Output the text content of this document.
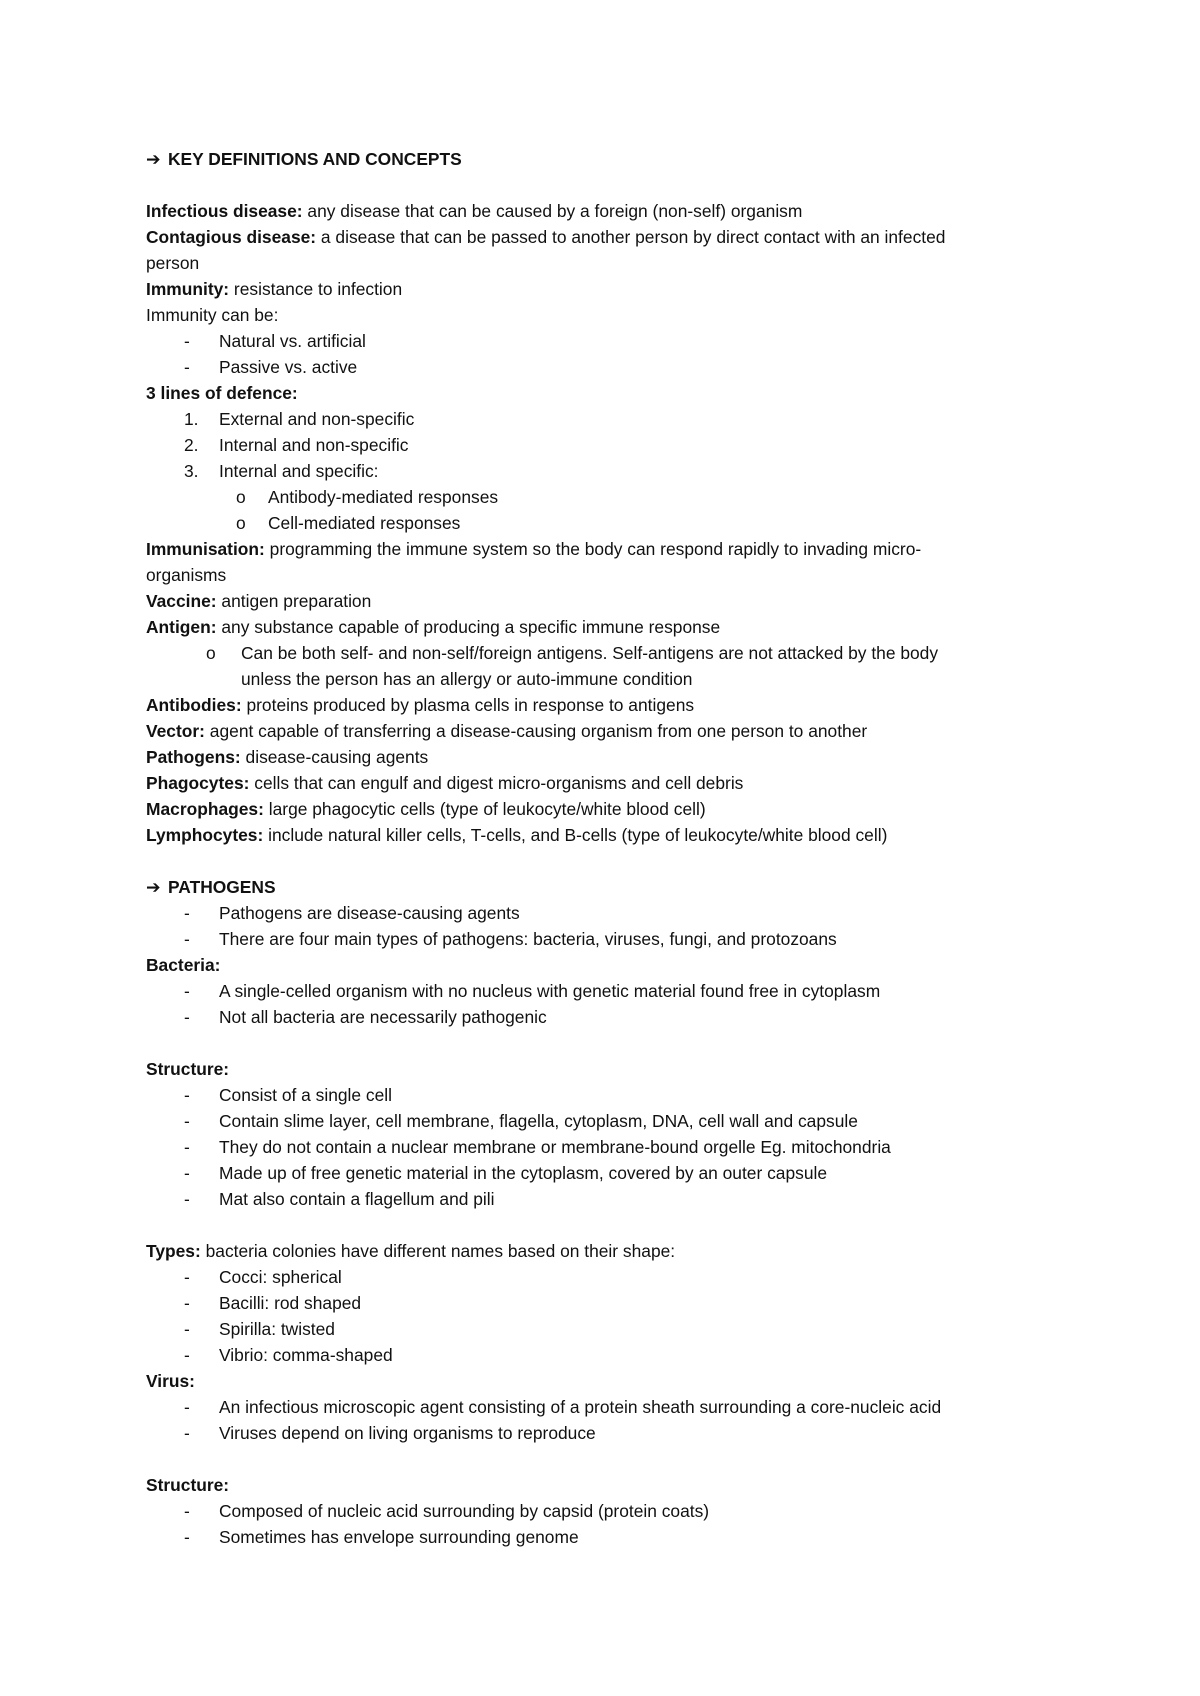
➔ KEY DEFINITIONS AND CONCEPTS
Infectious disease: any disease that can be caused by a foreign (non-self) organism
Contagious disease: a disease that can be passed to another person by direct contact with an infected
person
Immunity: resistance to infection
Immunity can be:
- Natural vs. artificial
- Passive vs. active
3 lines of defence:
1. External and non-specific
2. Internal and non-specific
3. Internal and specific:
o Antibody-mediated responses
o Cell-mediated responses
Immunisation: programming the immune system so the body can respond rapidly to invading micro-
organisms
Vaccine: antigen preparation
Antigen: any substance capable of producing a specific immune response
o Can be both self- and non-self/foreign antigens. Self-antigens are not attacked by the body
unless the person has an allergy or auto-immune condition
Antibodies: proteins produced by plasma cells in response to antigens
Vector: agent capable of transferring a disease-causing organism from one person to another
Pathogens: disease-causing agents
Phagocytes: cells that can engulf and digest micro-organisms and cell debris
Macrophages: large phagocytic cells (type of leukocyte/white blood cell)
Lymphocytes: include natural killer cells, T-cells, and B-cells (type of leukocyte/white blood cell)
➔ PATHOGENS
- Pathogens are disease-causing agents
- There are four main types of pathogens: bacteria, viruses, fungi, and protozoans
Bacteria:
- A single-celled organism with no nucleus with genetic material found free in cytoplasm
- Not all bacteria are necessarily pathogenic
Structure:
- Consist of a single cell
- Contain slime layer, cell membrane, flagella, cytoplasm, DNA, cell wall and capsule
- They do not contain a nuclear membrane or membrane-bound orgelle Eg. mitochondria
- Made up of free genetic material in the cytoplasm, covered by an outer capsule
- Mat also contain a flagellum and pili
Types: bacteria colonies have different names based on their shape:
- Cocci: spherical
- Bacilli: rod shaped
- Spirilla: twisted
- Vibrio: comma-shaped
Virus:
- An infectious microscopic agent consisting of a protein sheath surrounding a core-nucleic acid
- Viruses depend on living organisms to reproduce
Structure:
- Composed of nucleic acid surrounding by capsid (protein coats)
- Sometimes has envelope surrounding genome
